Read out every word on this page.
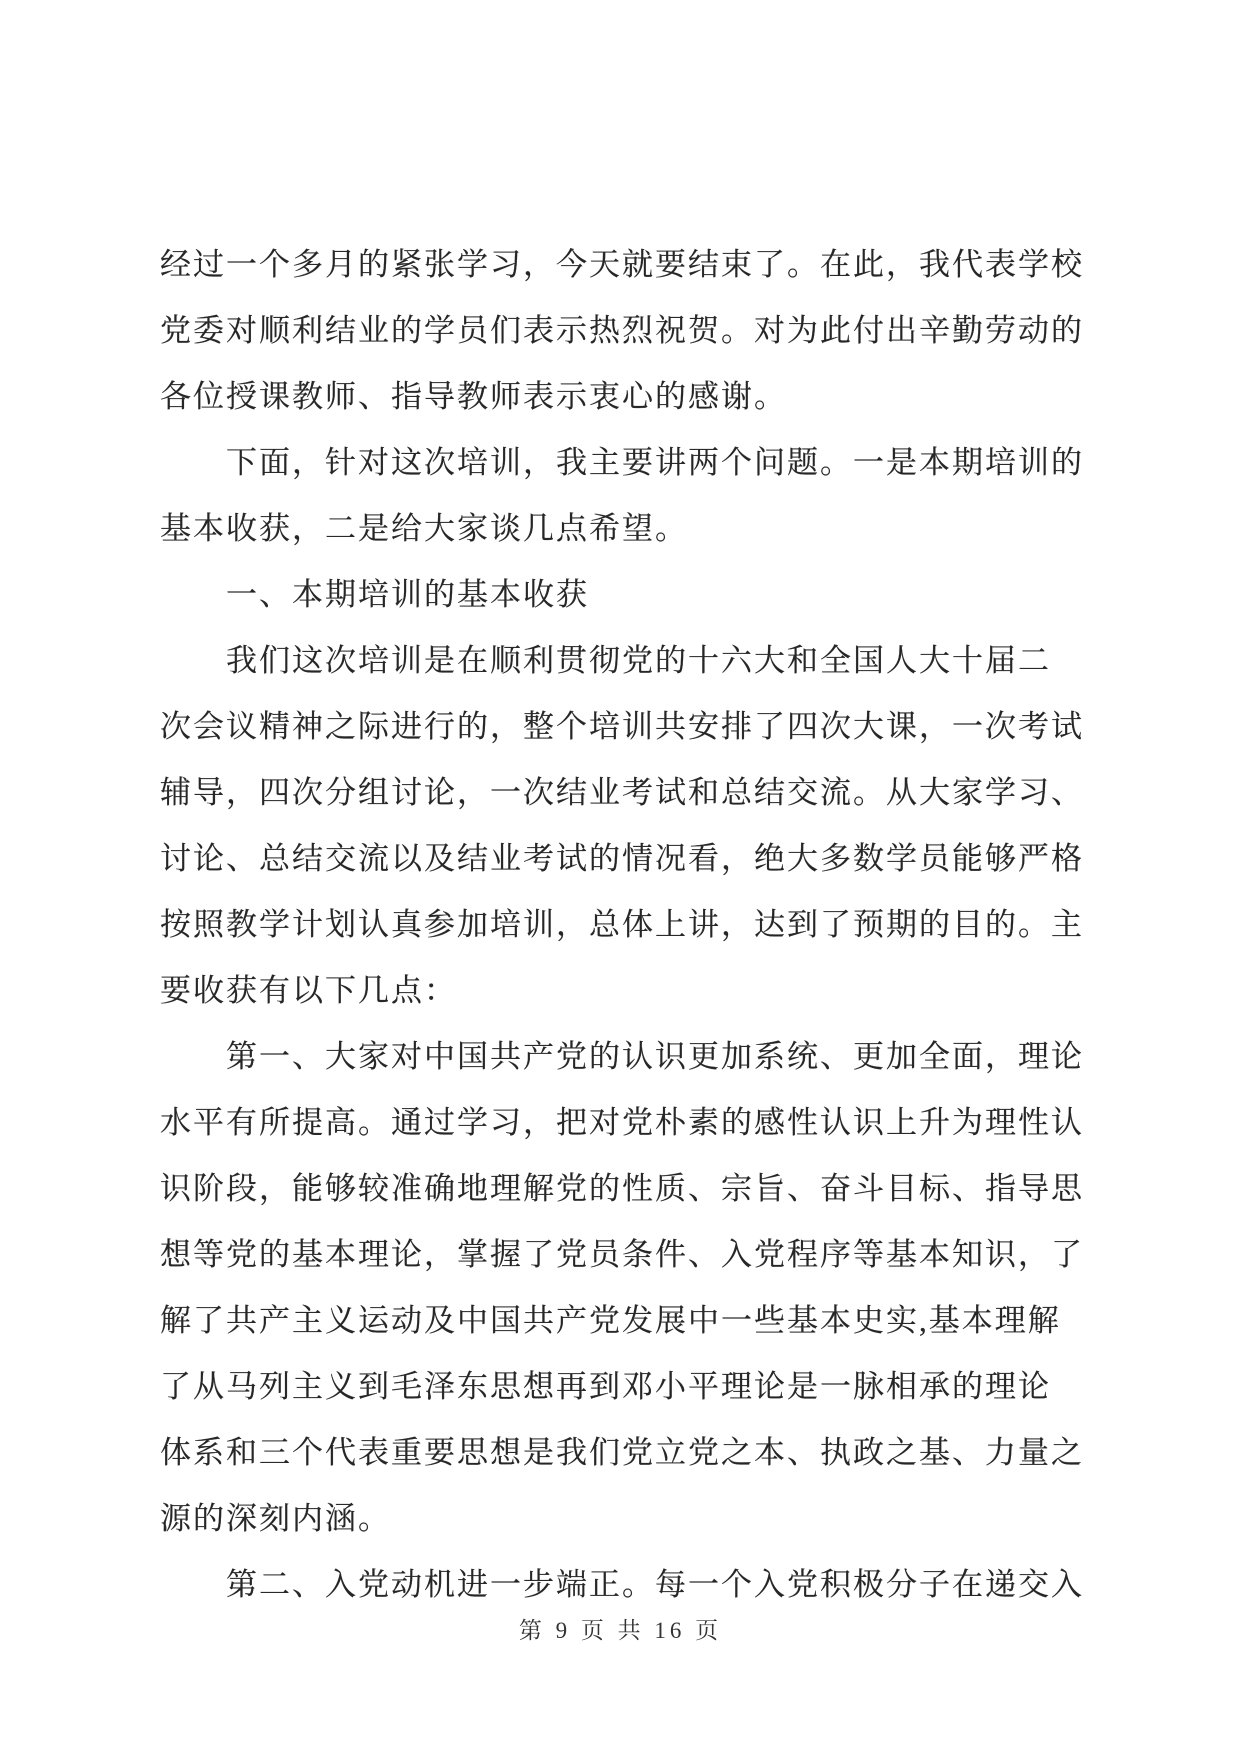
经过一个多月的紧张学习，今天就要结束了。在此，我代表学校
党委对顺利结业的学员们表示热烈祝贺。对为此付出辛勤劳动的
各位授课教师、指导教师表示衷心的感谢。
下面，针对这次培训，我主要讲两个问题。一是本期培训的
基本收获，二是给大家谈几点希望。
一、本期培训的基本收获
我们这次培训是在顺利贯彻党的十六大和全国人大十届二
次会议精神之际进行的，整个培训共安排了四次大课，一次考试
辅导，四次分组讨论，一次结业考试和总结交流。从大家学习、
讨论、总结交流以及结业考试的情况看，绝大多数学员能够严格
按照教学计划认真参加培训，总体上讲，达到了预期的目的。主
要收获有以下几点：
第一、大家对中国共产党的认识更加系统、更加全面，理论
水平有所提高。通过学习，把对党朴素的感性认识上升为理性认
识阶段，能够较准确地理解党的性质、宗旨、奋斗目标、指导思
想等党的基本理论，掌握了党员条件、入党程序等基本知识，了
解了共产主义运动及中国共产党发展中一些基本史实,基本理解
了从马列主义到毛泽东思想再到邓小平理论是一脉相承的理论
体系和三个代表重要思想是我们党立党之本、执政之基、力量之
源的深刻内涵。
第二、入党动机进一步端正。每一个入党积极分子在递交入
第 9 页 共 16 页
